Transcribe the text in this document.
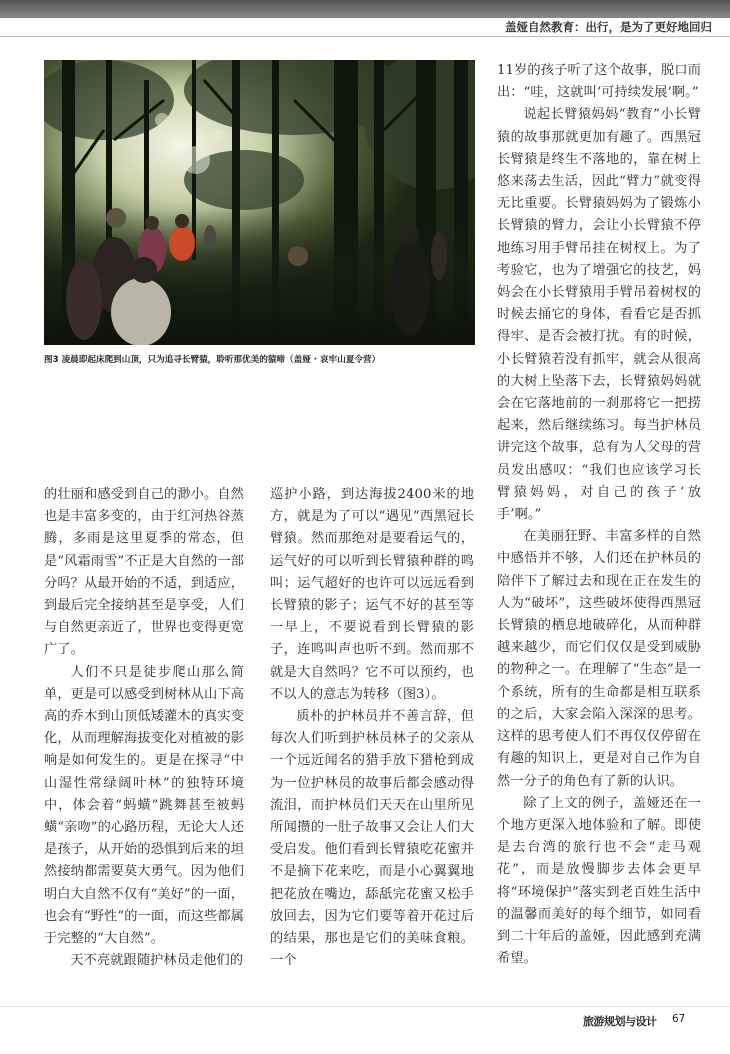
盖娅自然教育：出行，是为了更好地回归
图3 凌晨即起床爬到山顶，只为追寻长臂猿，聆听那优美的猿啼（盖娅 · 哀牢山夏令营）

的壮丽和感受到自己的渺小。自然也是丰富多变的，由于红河热谷蒸腾，多雨是这里夏季的常态，但是“风霜雨雪”不正是大自然的一部分吗？从最开始的不适，到适应，到最后完全接纳甚至是享受，人们与自然更亲近了，世界也变得更宽广了。

人们不只是徒步爬山那么简单，更是可以感受到树林从山下高高的乔木到山顶低矮灌木的真实变化，从而理解海拔变化对植被的影响是如何发生的。更是在探寻“中山湿性常绿阔叶林”的独特环境中，体会着“蚂蟥”跳舞甚至被蚂蟥“亲吻”的心路历程，无论大人还是孩子，从开始的恐惧到后来的坦然接纳都需要莫大勇气。因为他们明白大自然不仅有“美好”的一面，也会有“野性”的一面，而这些都属于完整的“大自然”。

天不亮就跟随护林员走他们的

巡护小路，到达海拔2400米的地方，就是为了可以“遇见”西黑冠长臂猿。然而那绝对是要看运气的，运气好的可以听到长臂猿种群的鸣叫；运气超好的也许可以远远看到长臂猿的影子；运气不好的甚至等一早上，不要说看到长臂猿的影子，连鸣叫声也听不到。然而那不就是大自然吗？它不可以预约，也不以人的意志为转移（图3）。

质朴的护林员并不善言辞，但每次人们听到护林员林子的父亲从一个远近闻名的猎手放下猎枪到成为一位护林员的故事后都会感动得流泪，而护林员们天天在山里所见所闻攒的一肚子故事又会让人们大受启发。他们看到长臂猿吃花蜜并不是摘下花来吃，而是小心翼翼地把花放在嘴边，舔舐完花蜜又松手放回去，因为它们要等着开花过后的结果，那也是它们的美味食粮。一个

11岁的孩子听了这个故事，脱口而出：“哇，这就叫‘可持续发展’啊。”

说起长臂猿妈妈“教育”小长臂猿的故事那就更加有趣了。西黑冠长臂猿是终生不落地的，靠在树上悠来荡去生活，因此“臂力”就变得无比重要。长臂猿妈妈为了锻炼小长臂猿的臂力，会让小长臂猿不停地练习用手臂吊挂在树杈上。为了考验它，也为了增强它的技艺，妈妈会在小长臂猿用手臂吊着树杈的时候去捅它的身体，看看它是否抓得牢、是否会被打扰。有的时候，小长臂猿若没有抓牢，就会从很高的大树上坠落下去，长臂猿妈妈就会在它落地前的一刹那将它一把捞起来，然后继续练习。每当护林员讲完这个故事，总有为人父母的营员发出感叹：“我们也应该学习长臂猿妈妈，对自己的孩子‘放手’啊。”

在美丽狂野、丰富多样的自然中感悟并不够，人们还在护林员的陪伴下了解过去和现在正在发生的人为“破坏”，这些破坏使得西黑冠长臂猿的栖息地破碎化，从而种群越来越少，而它们仅仅是受到威胁的物种之一。在理解了“生态”是一个系统，所有的生命都是相互联系的之后，大家会陷入深深的思考。这样的思考使人们不再仅仅停留在有趣的知识上，更是对自己作为自然一分子的角色有了新的认识。

除了上文的例子，盖娅还在一个地方更深入地体验和了解。即使是去台湾的旅行也不会“走马观花”，而是放慢脚步去体会更早将“环境保护”落实到老百姓生活中的温馨而美好的每个细节，如同看到二十年后的盖娅，因此感到充满希望。

旅游规划与设计 67
